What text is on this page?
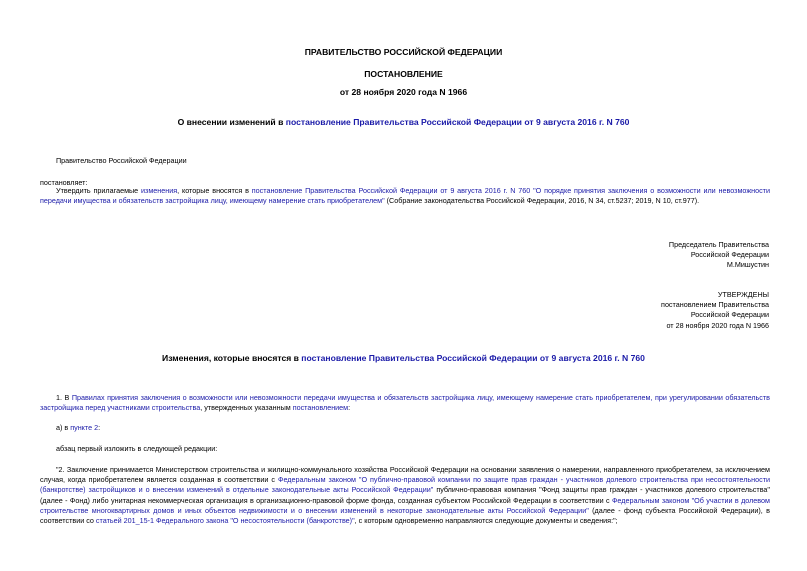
ПРАВИТЕЛЬСТВО РОССИЙСКОЙ ФЕДЕРАЦИИ
ПОСТАНОВЛЕНИЕ
от 28 ноября 2020 года N 1966
О внесении изменений в постановление Правительства Российской Федерации от 9 августа 2016 г. N 760
Правительство Российской Федерации
постановляет:

Утвердить прилагаемые изменения, которые вносятся в постановление Правительства Российской Федерации от 9 августа 2016 г. N 760 "О порядке принятия заключения о возможности или невозможности передачи имущества и обязательств застройщика лицу, имеющему намерение стать приобретателем" (Собрание законодательства Российской Федерации, 2016, N 34, ст.5237; 2019, N 10, ст.977).

Председатель Правительства
Российской Федерации
М.Мишустин
УТВЕРЖДЕНЫ
постановлением Правительства
Российской Федерации
от 28 ноября 2020 года N 1966
Изменения, которые вносятся в постановление Правительства Российской Федерации от 9 августа 2016 г. N 760

1. В Правилах принятия заключения о возможности или невозможности передачи имущества и обязательств застройщика лицу, имеющему намерение стать приобретателем, при урегулировании обязательств застройщика перед участниками строительства, утвержденных указанным постановлением:

а) в пункте 2:

абзац первый изложить в следующей редакции:

"2. Заключение принимается Министерством строительства и жилищно-коммунального хозяйства Российской Федерации на основании заявления о намерении, направленного приобретателем, за исключением случая, когда приобретателем является созданная в соответствии с Федеральным законом "О публично-правовой компании по защите прав граждан - участников долевого строительства при несостоятельности (банкротстве) застройщиков и о внесении изменений в отдельные законодательные акты Российской Федерации" публично-правовая компания "Фонд защиты прав граждан - участников долевого строительства" (далее - Фонд) либо унитарная некоммерческая организация в организационно-правовой форме фонда, созданная субъектом Российской Федерации в соответствии с Федеральным законом "Об участии в долевом строительстве многоквартирных домов и иных объектов недвижимости и о внесении изменений в некоторые законодательные акты Российской Федерации" (далее - фонд субъекта Российской Федерации), в соответствии со статьей 201_15-1 Федерального закона "О несостоятельности (банкротстве)", с которым одновременно направляются следующие документы и сведения:";
